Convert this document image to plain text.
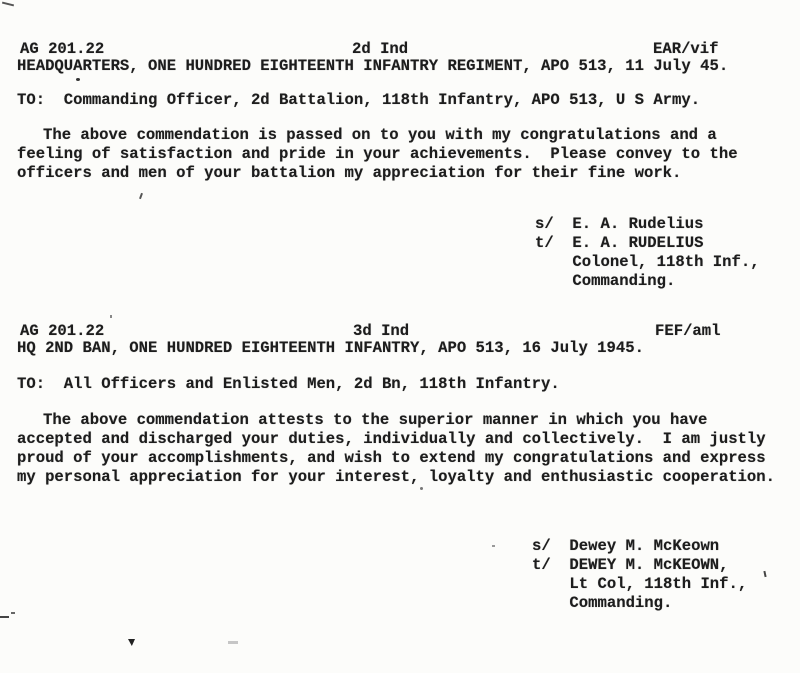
AG 201.22	2d Ind	EAR/vif
HEADQUARTERS, ONE HUNDRED EIGHTEENTH INFANTRY REGIMENT, APO 513, 11 July 45.
TO:  Commanding Officer, 2d Battalion, 118th Infantry, APO 513, U S Army.
The above commendation is passed on to you with my congratulations and a
feeling of satisfaction and pride in your achievements.  Please convey to the
officers and men of your battalion my appreciation for their fine work.
s/  E. A. Rudelius
t/  E. A. RUDELIUS
Colonel, 118th Inf.,
Commanding.
AG 201.22	3d Ind	FEF/aml
HQ 2ND BAN, ONE HUNDRED EIGHTEENTH INFANTRY, APO 513, 16 July 1945.
TO:  All Officers and Enlisted Men, 2d Bn, 118th Infantry.
The above commendation attests to the superior manner in which you have
accepted and discharged your duties, individually and collectively.  I am justly
proud of your accomplishments, and wish to extend my congratulations and express
my personal appreciation for your interest, loyalty and enthusiastic cooperation.
s/  Dewey M. McKeown
t/  DEWEY M. McKEOWN,
Lt Col, 118th Inf.,
Commanding.
